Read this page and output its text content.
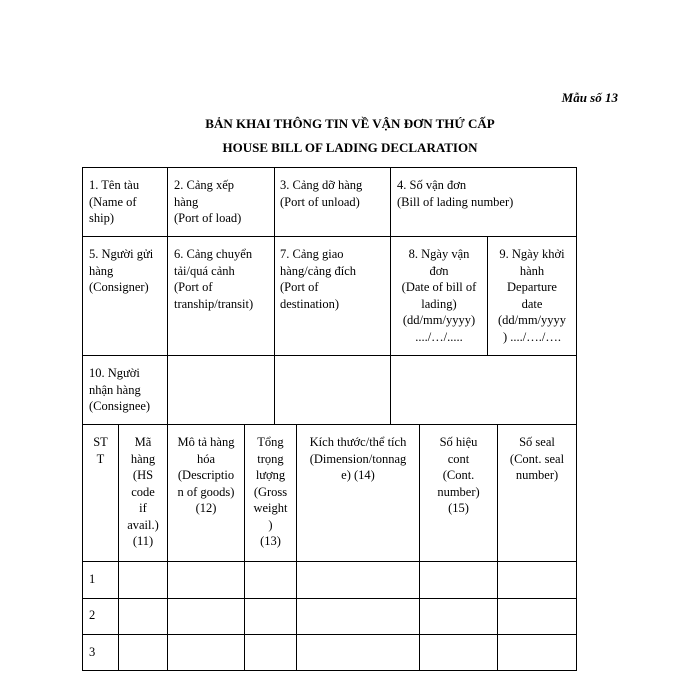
Mẫu số 13
BẢN KHAI THÔNG TIN VỀ VẬN ĐƠN THỨ CẤP
HOUSE BILL OF LADING DECLARATION
1. Tên tàu
(Name of
ship)
2. Cảng xếp
hàng
(Port of load)
3. Cảng dỡ hàng
(Port of unload)
4. Số vận đơn
(Bill of lading number)
5. Người gửi
hàng
(Consigner)
6. Cảng chuyển
tải/quá cảnh
(Port of
tranship/transit)
7. Cảng giao
hàng/cảng đích
(Port of
destination)
8. Ngày vận
đơn
(Date of bill of
lading)
(dd/mm/yyyy)
..../…/.....
9. Ngày khởi
hành
Departure
date
(dd/mm/yyyy
) ..../…./….
10. Người
nhận hàng
(Consignee)
ST
T
Mã
hàng
(HS
code
if
avail.)
(11)
Mô tả hàng
hóa
(Descriptio
n of goods)
(12)
Tổng
trọng
lượng
(Gross
weight
)
(13)
Kích thước/thể tích
(Dimension/tonnag
e) (14)
Số hiệu
cont
(Cont.
number)
(15)
Số seal
(Cont. seal
number)
1
2
3
